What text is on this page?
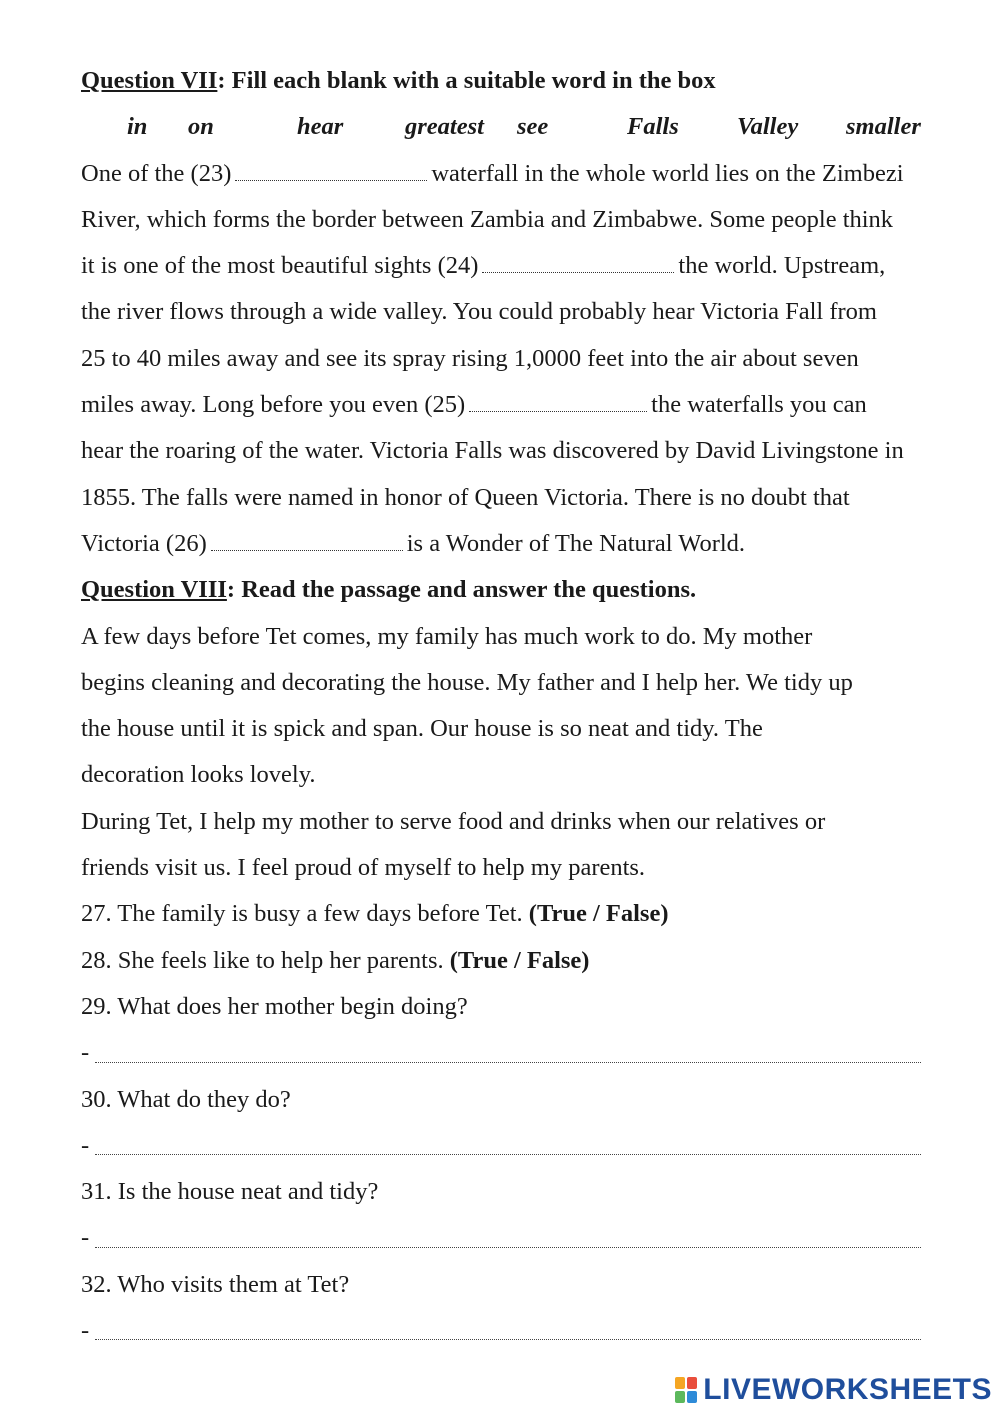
Question VII: Fill each blank with a suitable word in the box
in on	hear	greatest see	Falls Valley smaller
One of the (23)	waterfall in the whole world lies on the Zimbezi
River, which forms the border between Zambia and Zimbabwe. Some people think
it is one of the most beautiful sights (24)	the world. Upstream,
the river flows through a wide valley. You could probably hear Victoria Fall from
25 to 40 miles away and see its spray rising 1,0000 feet into the air about seven
miles away. Long before you even (25)	the waterfalls you can
hear the roaring of the water. Victoria Falls was discovered by David Livingstone in
1855. The falls were named in honor of Queen Victoria. There is no doubt that
Victoria (26)	is a Wonder of The Natural World.
Question VIII: Read the passage and answer the questions.
A few days before Tet comes, my family has much work to do. My mother
begins cleaning and decorating the house. My father and I help her. We tidy up
the house until it is spick and span. Our house is so neat and tidy. The
decoration looks lovely.
During Tet, I help my mother to serve food and drinks when our relatives or
friends visit us. I feel proud of myself to help my parents.
27. The family is busy a few days before Tet. (True / False)
28. She feels like to help her parents. (True / False)
29. What does her mother begin doing?
-
30. What do they do?
-
31. Is the house neat and tidy?
-
32. Who visits them at Tet?
-
LIVEWORKSHEETS
